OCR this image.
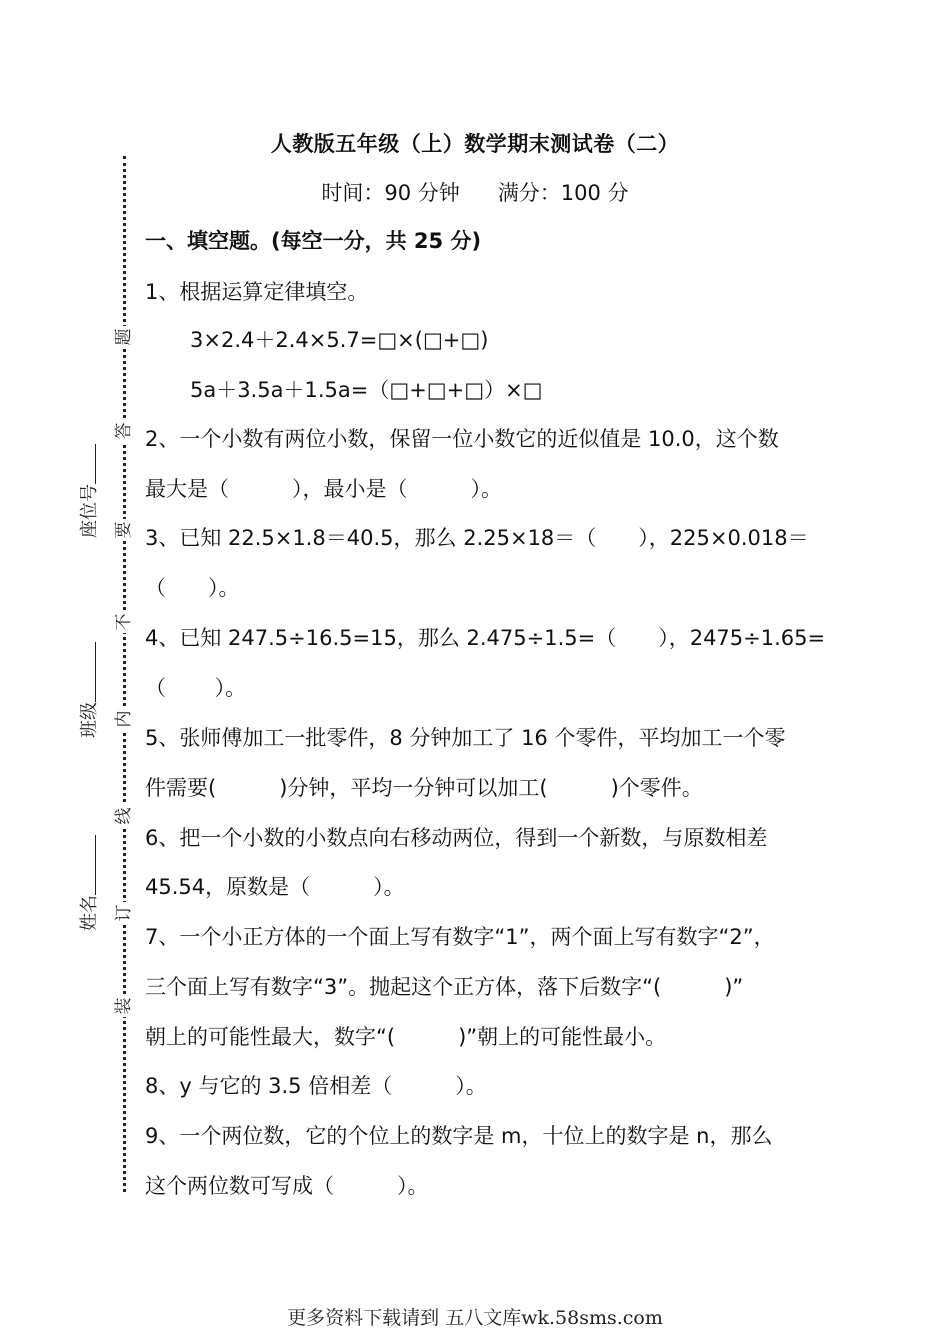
题
答
要
不
内
线
订
装
座位号
班级
姓名
人教版五年级（上）数学期末测试卷（二）
时间：90 分钟 满分：100 分
一、填空题。(每空一分，共 25 分)
1、根据运算定律填空。
3×2.4＋2.4×5.7=□×(□+□)
5a＋3.5a＋1.5a=（□+□+□）×□
2、一个小数有两位小数，保留一位小数它的近似值是 10.0，这个数
最大是（　　　），最小是（　　　）。
3、已知 22.5×1.8＝40.5，那么 2.25×18＝（　　），225×0.018＝
（　　）。
4、已知 247.5÷16.5=15，那么 2.475÷1.5=（　　），2475÷1.65=
（　　 ）。
5、张师傅加工一批零件，8 分钟加工了 16 个零件，平均加工一个零
件需要(　　　)分钟，平均一分钟可以加工(　　　)个零件。
6、把一个小数的小数点向右移动两位，得到一个新数，与原数相差
45.54，原数是（　　　）。
7、一个小正方体的一个面上写有数字“1”，两个面上写有数字“2”，
三个面上写有数字“3”。抛起这个正方体，落下后数字“(　　　)”
朝上的可能性最大，数字“(　　　)”朝上的可能性最小。
8、y 与它的 3.5 倍相差（　　　）。
9、一个两位数，它的个位上的数字是 m，十位上的数字是 n，那么
这个两位数可写成（　　　）。
更多资料下载请到 五八文库wk.58sms.com
